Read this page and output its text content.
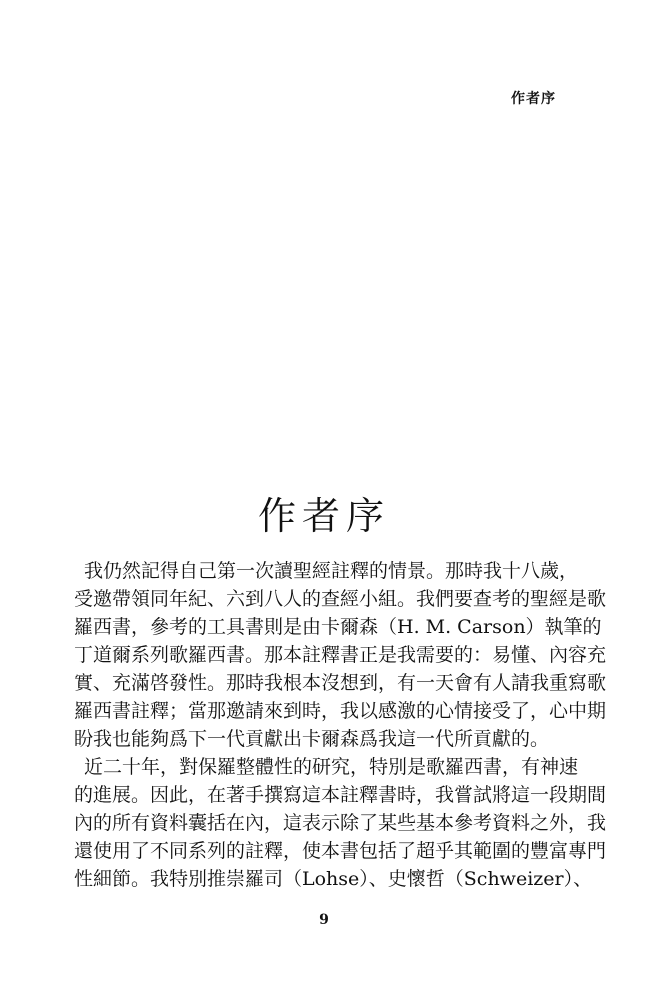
作者序
作者序
我仍然記得自己第一次讀聖經註釋的情景。那時我十八歲，
受邀帶領同年紀、六到八人的查經小組。我們要查考的聖經是歌
羅西書，參考的工具書則是由卡爾森（H. M. Carson）執筆的
丁道爾系列歌羅西書。那本註釋書正是我需要的：易懂、內容充
實、充滿啓發性。那時我根本沒想到，有一天會有人請我重寫歌
羅西書註釋；當那邀請來到時，我以感激的心情接受了，心中期
盼我也能夠爲下一代貢獻出卡爾森爲我這一代所貢獻的。
近二十年，對保羅整體性的研究，特別是歌羅西書，有神速
的進展。因此，在著手撰寫這本註釋書時，我嘗試將這一段期間
內的所有資料囊括在內，這表示除了某些基本參考資料之外，我
還使用了不同系列的註釋，使本書包括了超乎其範圍的豐富專門
性細節。我特別推崇羅司（Lohse）、史懷哲（Schweizer）、
9
